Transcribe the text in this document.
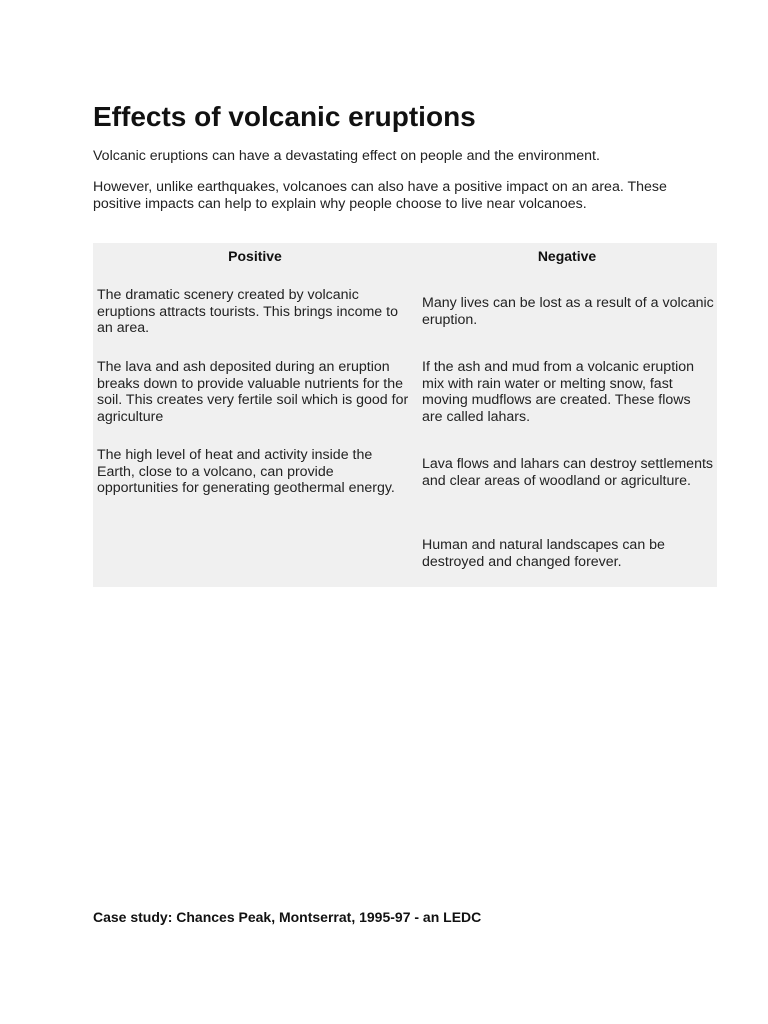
Effects of volcanic eruptions

Volcanic eruptions can have a devastating effect on people and the environment.

However, unlike earthquakes, volcanoes can also have a positive impact on an area. These positive impacts can help to explain why people choose to live near volcanoes.

Positive	Negative

The dramatic scenery created by volcanic eruptions attracts tourists. This brings income to an area.

The lava and ash deposited during an eruption breaks down to provide valuable nutrients for the soil. This creates very fertile soil which is good for agriculture

The high level of heat and activity inside the Earth, close to a volcano, can provide opportunities for generating geothermal energy.

Many lives can be lost as a result of a volcanic eruption.

If the ash and mud from a volcanic eruption mix with rain water or melting snow, fast moving mudflows are created. These flows are called lahars.

Lava flows and lahars can destroy settlements and clear areas of woodland or agriculture.

Human and natural landscapes can be destroyed and changed forever.

Case study: Chances Peak, Montserrat, 1995-97 - an LEDC
